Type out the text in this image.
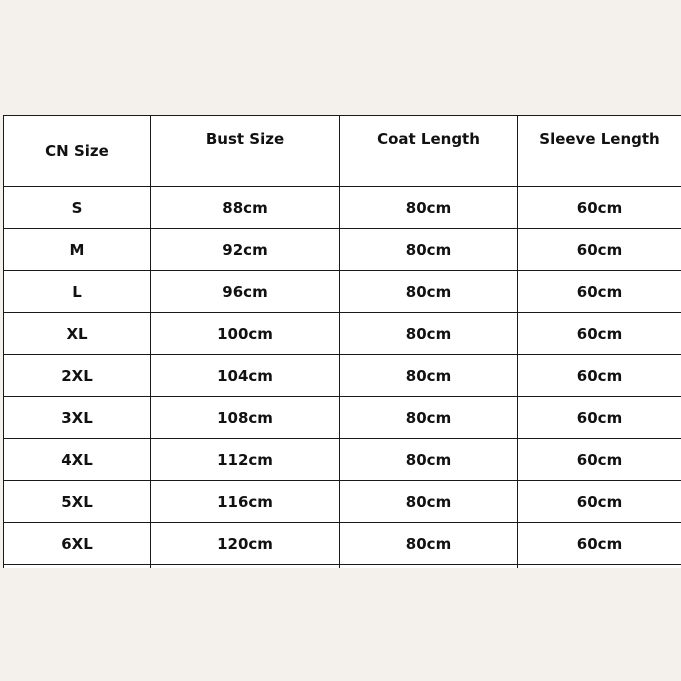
CN Size	Bust Size	Coat Length	Sleeve Length
S	88cm	80cm	60cm
M	92cm	80cm	60cm
L	96cm	80cm	60cm
XL	100cm	80cm	60cm
2XL	104cm	80cm	60cm
3XL	108cm	80cm	60cm
4XL	112cm	80cm	60cm
5XL	116cm	80cm	60cm
6XL	120cm	80cm	60cm
